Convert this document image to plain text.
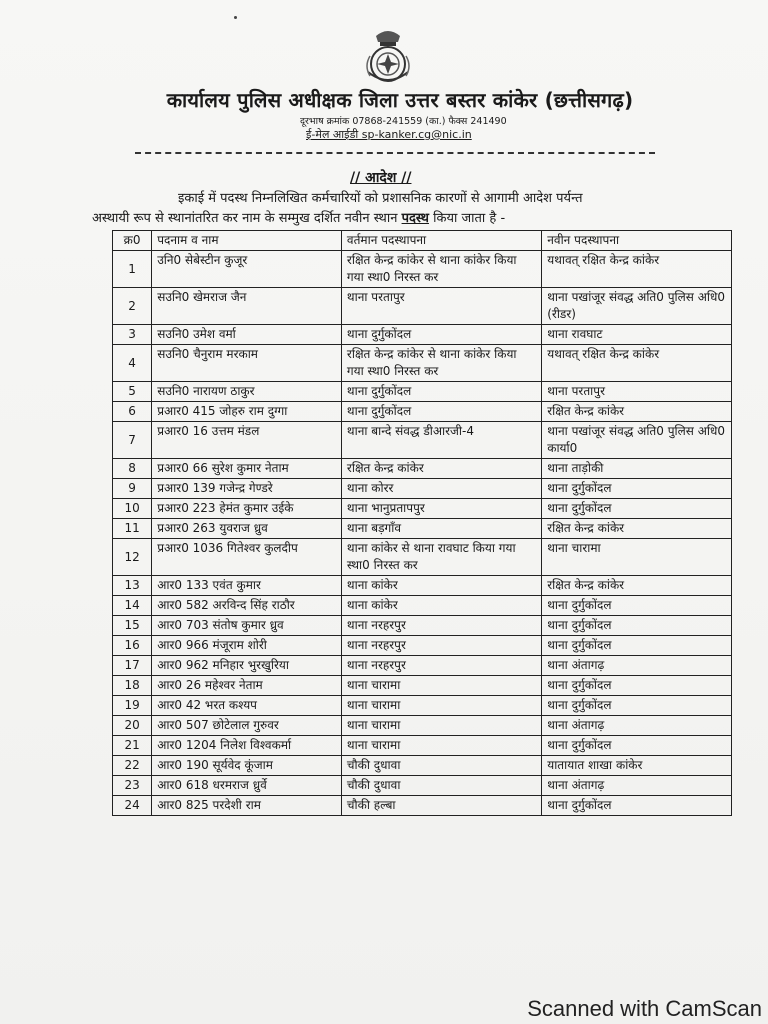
कार्यालय पुलिस अधीक्षक जिला उत्तर बस्तर कांकेर (छत्तीसगढ़)
दूरभाष क्रमांक 07868-241559 (का.) फैक्स 241490
ई-मेल आईडी sp-kanker.cg@nic.in
// आदेश //
इकाई में पदस्थ निम्नलिखित कर्मचारियों को प्रशासनिक कारणों से आगामी आदेश पर्यन्त
अस्थायी रूप से स्थानांतरित कर नाम के सम्मुख दर्शित नवीन स्थान पदस्थ किया जाता है -
क्र0	पदनाम व नाम	वर्तमान पदस्थापना	नवीन पदस्थापना
1	उनि0 सेबेस्टीन कुजूर	रक्षित केन्द्र कांकेर से थाना कांकेर किया गया स्था0 निरस्त कर	यथावत् रक्षित केन्द्र कांकेर
2	सउनि0 खेमराज जैन	थाना परतापुर	थाना पखांजूर संवद्ध अति0 पुलिस अधि0 (रीडर)
3	सउनि0 उमेश वर्मा	थाना दुर्गुकोंदल	थाना रावघाट
4	सउनि0 चैनुराम मरकाम	रक्षित केन्द्र कांकेर से थाना कांकेर किया गया स्था0 निरस्त कर	यथावत् रक्षित केन्द्र कांकेर
5	सउनि0 नारायण ठाकुर	थाना दुर्गुकोंदल	थाना परतापुर
6	प्रआर0 415 जोहरु राम दुग्गा	थाना दुर्गुकोंदल	रक्षित केन्द्र कांकेर
7	प्रआर0 16 उत्तम मंडल	थाना बान्दे संवद्ध डीआरजी-4	थाना पखांजूर संवद्ध अति0 पुलिस अधि0 कार्या0
8	प्रआर0 66 सुरेश कुमार नेताम	रक्षित केन्द्र कांकेर	थाना ताड़ोकी
9	प्रआर0 139 गजेन्द्र गेण्डरे	थाना कोरर	थाना दुर्गुकोंदल
10	प्रआर0 223 हेमंत कुमार उईके	थाना भानुप्रतापपुर	थाना दुर्गुकोंदल
11	प्रआर0 263 युवराज ध्रुव	थाना बड़गाँव	रक्षित केन्द्र कांकेर
12	प्रआर0 1036 गितेश्वर कुलदीप	थाना कांकेर से थाना रावघाट किया गया स्था0 निरस्त कर	थाना चारामा
13	आर0 133 एवंत कुमार	थाना कांकेर	रक्षित केन्द्र कांकेर
14	आर0 582 अरविन्द सिंह राठौर	थाना कांकेर	थाना दुर्गुकोंदल
15	आर0 703 संतोष कुमार ध्रुव	थाना नरहरपुर	थाना दुर्गुकोंदल
16	आर0 966 मंजूराम शोरी	थाना नरहरपुर	थाना दुर्गुकोंदल
17	आर0 962 मनिहार भुरखुरिया	थाना नरहरपुर	थाना अंतागढ़
18	आर0 26 महेश्वर नेताम	थाना चारामा	थाना दुर्गुकोंदल
19	आर0 42 भरत कश्यप	थाना चारामा	थाना दुर्गुकोंदल
20	आर0 507 छोटेलाल गुरुवर	थाना चारामा	थाना अंतागढ़
21	आर0 1204 निलेश विश्वकर्मा	थाना चारामा	थाना दुर्गुकोंदल
22	आर0 190 सूर्यवेद कूंजाम	चौकी दुधावा	यातायात शाखा कांकेर
23	आर0 618 धरमराज ध्रुर्वे	चौकी दुधावा	थाना अंतागढ़
24	आर0 825 परदेशी राम	चौकी हल्बा	थाना दुर्गुकोंदल
Scanned with CamScan
